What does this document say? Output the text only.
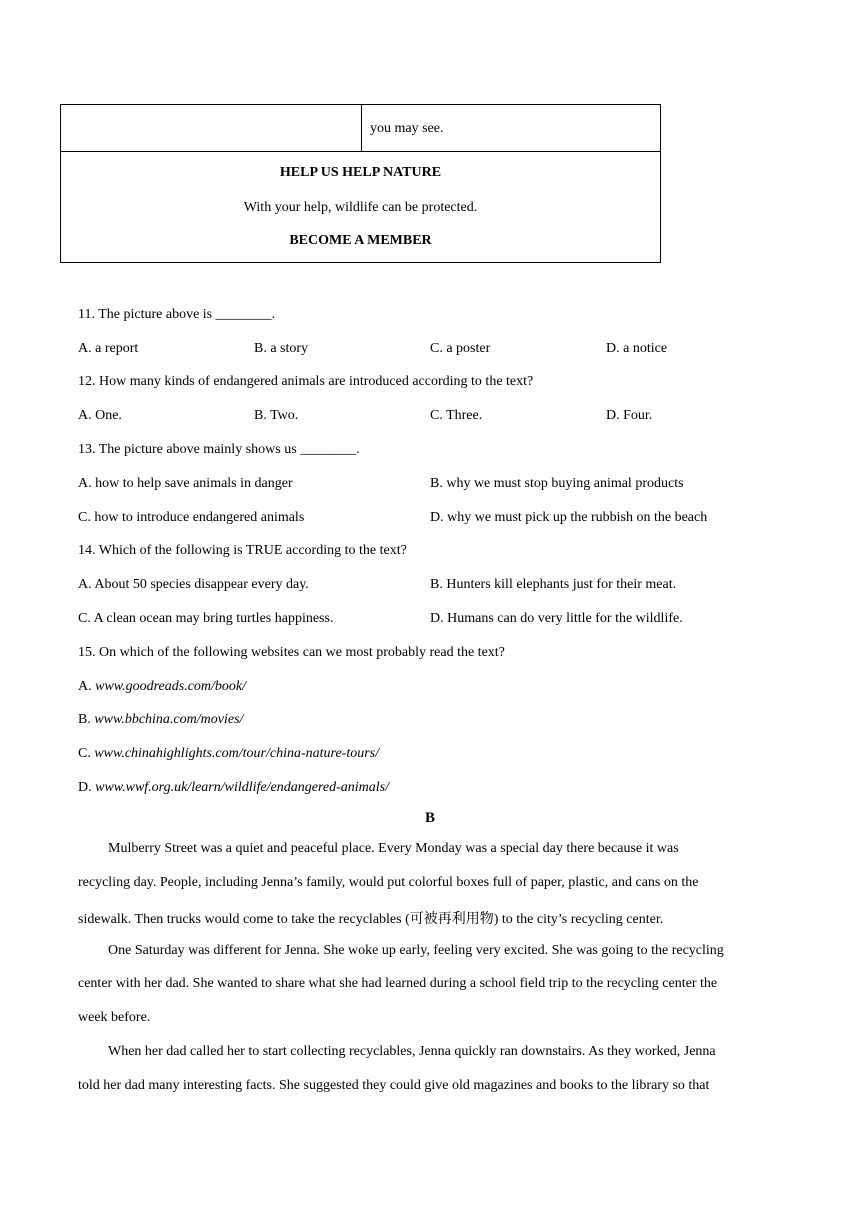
you may see.
HELP US HELP NATURE
With your help, wildlife can be protected.
BECOME A MEMBER
11. The picture above is ________.
A. a report	B. a story	C. a poster	D. a notice
12. How many kinds of endangered animals are introduced according to the text?
A. One.	B. Two.	C. Three.	D. Four.
13. The picture above mainly shows us ________.
A. how to help save animals in danger	B. why we must stop buying animal products
C. how to introduce endangered animals	D. why we must pick up the rubbish on the beach
14. Which of the following is TRUE according to the text?
A. About 50 species disappear every day.	B. Hunters kill elephants just for their meat.
C. A clean ocean may bring turtles happiness.	D. Humans can do very little for the wildlife.
15. On which of the following websites can we most probably read the text?
A. www.goodreads.com/book/
B. www.bbchina.com/movies/
C. www.chinahighlights.com/tour/china-nature-tours/
D. www.wwf.org.uk/learn/wildlife/endangered-animals/
B
Mulberry Street was a quiet and peaceful place. Every Monday was a special day there because it was
recycling day. People, including Jenna’s family, would put colorful boxes full of paper, plastic, and cans on the
sidewalk. Then trucks would come to take the recyclables (可被再利用物) to the city’s recycling center.
One Saturday was different for Jenna. She woke up early, feeling very excited. She was going to the recycling
center with her dad. She wanted to share what she had learned during a school field trip to the recycling center the
week before.
When her dad called her to start collecting recyclables, Jenna quickly ran downstairs. As they worked, Jenna
told her dad many interesting facts. She suggested they could give old magazines and books to the library so that
